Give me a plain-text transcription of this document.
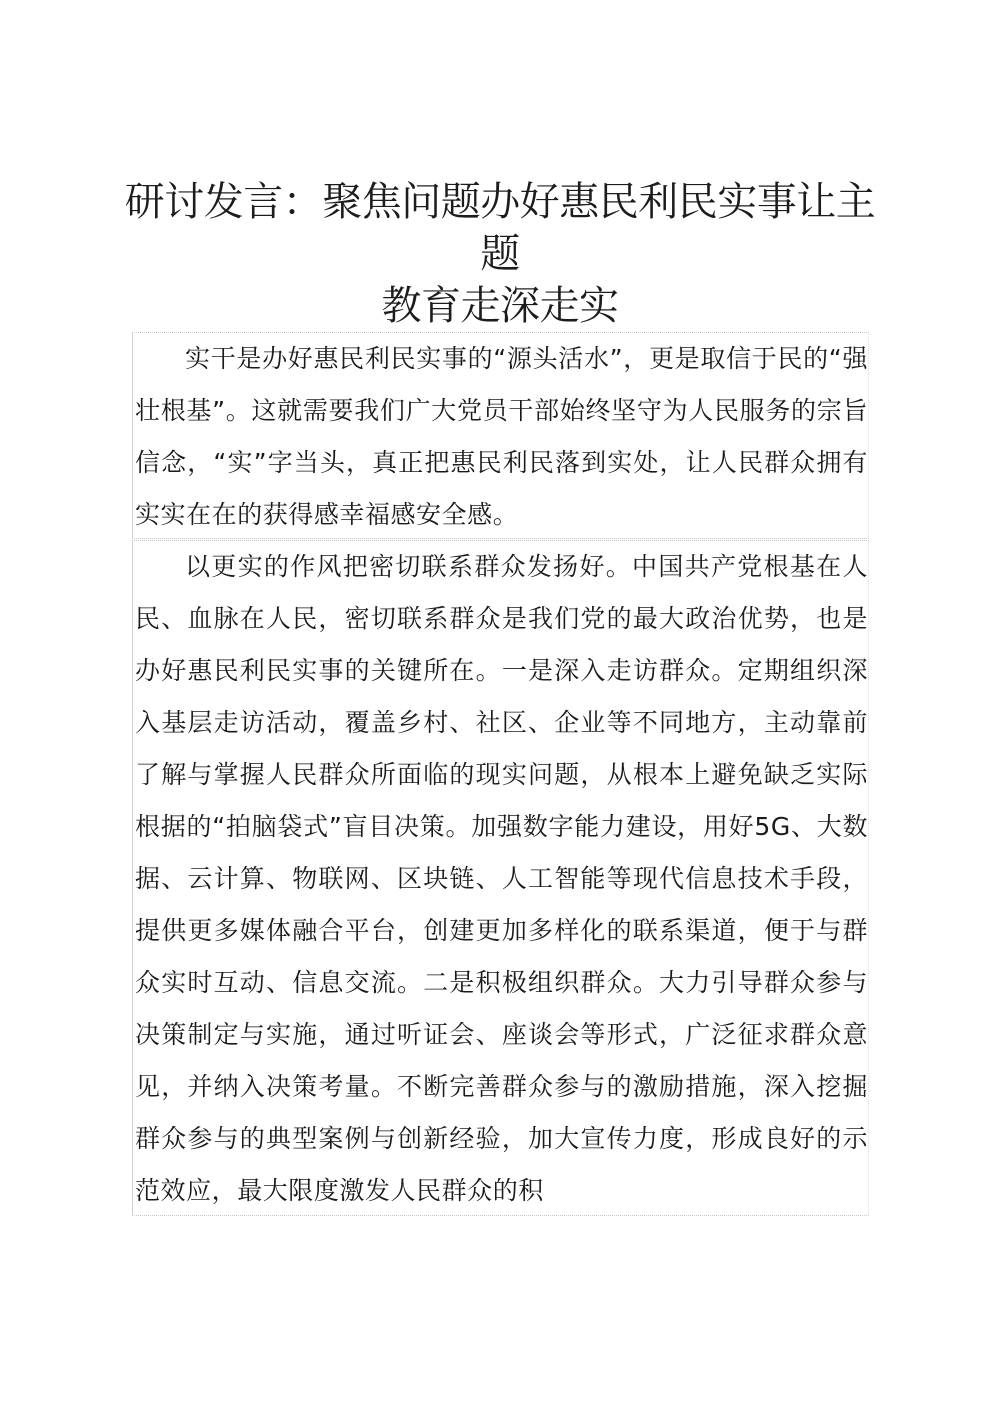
研讨发言：聚焦问题办好惠民利民实事让主题
教育走深走实

实干是办好惠民利民实事的“源头活水”，更是取信于民的“强壮根基”。这就需要我们广大党员干部始终坚守为人民服务的宗旨信念，“实”字当头，真正把惠民利民落到实处，让人民群众拥有实实在在的获得感幸福感安全感。

以更实的作风把密切联系群众发扬好。中国共产党根基在人民、血脉在人民，密切联系群众是我们党的最大政治优势，也是办好惠民利民实事的关键所在。一是深入走访群众。定期组织深入基层走访活动，覆盖乡村、社区、企业等不同地方，主动靠前了解与掌握人民群众所面临的现实问题，从根本上避免缺乏实际根据的“拍脑袋式”盲目决策。加强数字能力建设，用好5G、大数据、云计算、物联网、区块链、人工智能等现代信息技术手段，提供更多媒体融合平台，创建更加多样化的联系渠道，便于与群众实时互动、信息交流。二是积极组织群众。大力引导群众参与决策制定与实施，通过听证会、座谈会等形式，广泛征求群众意见，并纳入决策考量。不断完善群众参与的激励措施，深入挖掘群众参与的典型案例与创新经验，加大宣传力度，形成良好的示范效应，最大限度激发人民群众的积
